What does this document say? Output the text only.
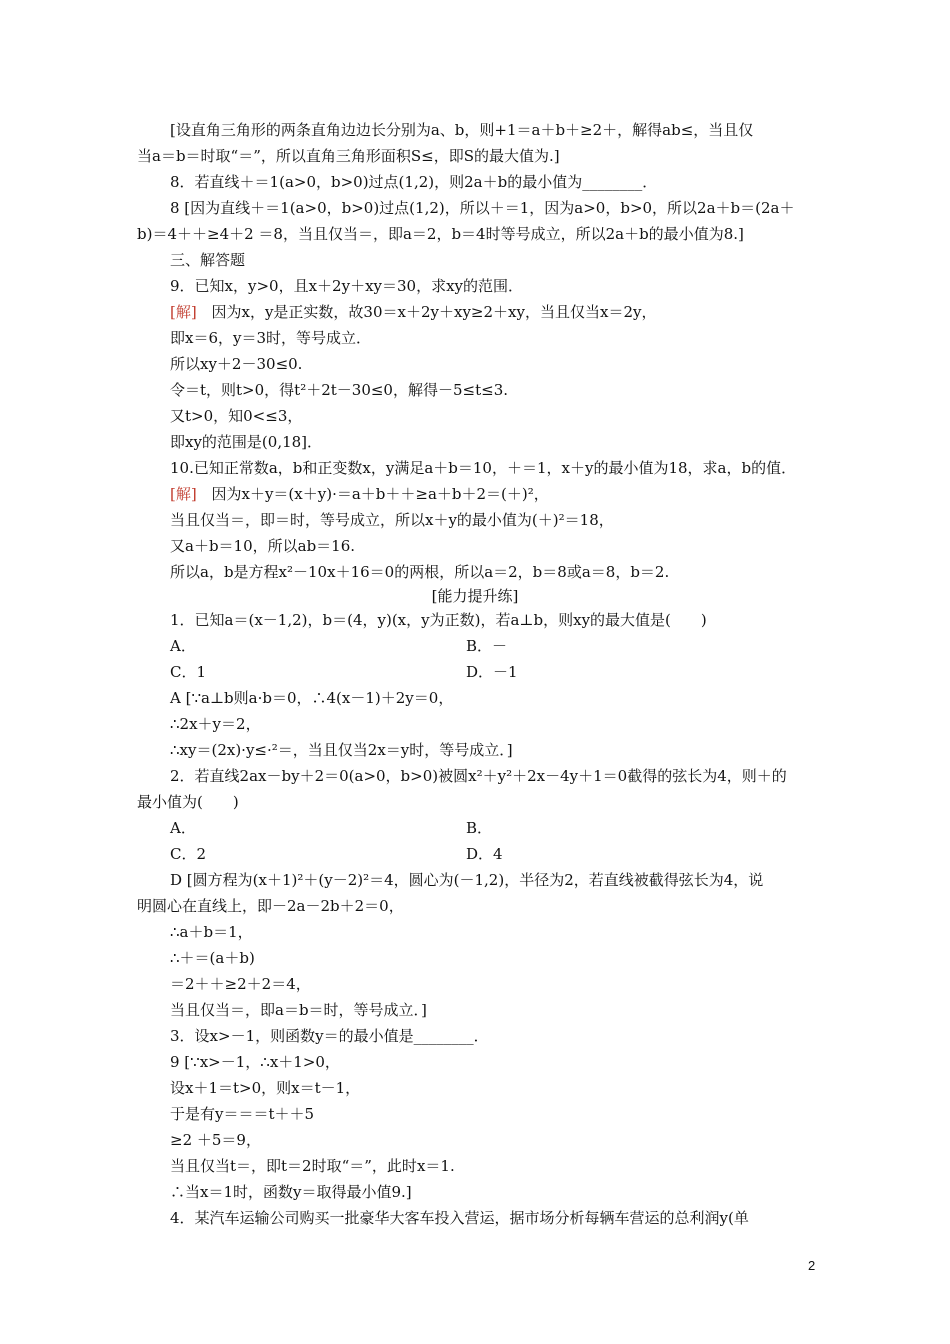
[设直角三角形的两条直角边边长分别为a、b，则+1＝a＋b＋≥2＋，解得ab≤，当且仅
当a＝b＝时取“＝”，所以直角三角形面积S≤，即S的最大值为.]
8．若直线＋＝1(a>0，b>0)过点(1,2)，则2a＋b的最小值为________．
8 [因为直线＋＝1(a>0，b>0)过点(1,2)，所以＋＝1，因为a>0，b>0，所以2a＋b＝(2a＋
b)＝4＋＋≥4＋2 ＝8，当且仅当＝，即a＝2，b＝4时等号成立，所以2a＋b的最小值为8.]
三、解答题
9．已知x，y>0，且x＋2y＋xy＝30，求xy的范围．
[解] 因为x，y是正实数，故30＝x＋2y＋xy≥2＋xy，当且仅当x＝2y，
即x＝6，y＝3时，等号成立．
所以xy＋2－30≤0.
令＝t，则t>0，得t²＋2t－30≤0，解得－5≤t≤3.
又t>0，知0<≤3，
即xy的范围是(0,18]．
10.已知正常数a，b和正变数x，y满足a＋b＝10，＋＝1，x＋y的最小值为18，求a，b的值．
[解] 因为x＋y＝(x＋y)·＝a＋b＋＋≥a＋b＋2＝(＋)²，
当且仅当＝，即＝时，等号成立，所以x＋y的最小值为(＋)²＝18，
又a＋b＝10，所以ab＝16.
所以a，b是方程x²－10x＋16＝0的两根，所以a＝2，b＝8或a＝8，b＝2.
[能力提升练]
1．已知a＝(x－1,2)，b＝(4，y)(x，y为正数)，若a⊥b，则xy的最大值是(　　)
A．	B．－
C．1	D．－1
A [∵a⊥b则a·b＝0，∴4(x－1)＋2y＝0，
∴2x＋y＝2，
∴xy＝(2x)·y≤·²＝，当且仅当2x＝y时，等号成立．]
2．若直线2ax－by＋2＝0(a>0，b>0)被圆x²＋y²＋2x－4y＋1＝0截得的弦长为4，则＋的
最小值为(　　)
A．	B．
C．2	D．4
D [圆方程为(x＋1)²＋(y－2)²＝4，圆心为(－1,2)，半径为2，若直线被截得弦长为4，说
明圆心在直线上，即－2a－2b＋2＝0，
∴a＋b＝1，
∴＋＝(a＋b)
＝2＋＋≥2＋2＝4，
当且仅当＝，即a＝b＝时，等号成立．]
3．设x>－1，则函数y＝的最小值是________．
9 [∵x>－1，∴x＋1>0，
设x＋1＝t>0，则x＝t－1，
于是有y＝＝＝t＋＋5
≥2 ＋5＝9，
当且仅当t＝，即t＝2时取“＝”，此时x＝1.
∴当x＝1时，函数y＝取得最小值9.]
4．某汽车运输公司购买一批豪华大客车投入营运，据市场分析每辆车营运的总利润y(单
2
